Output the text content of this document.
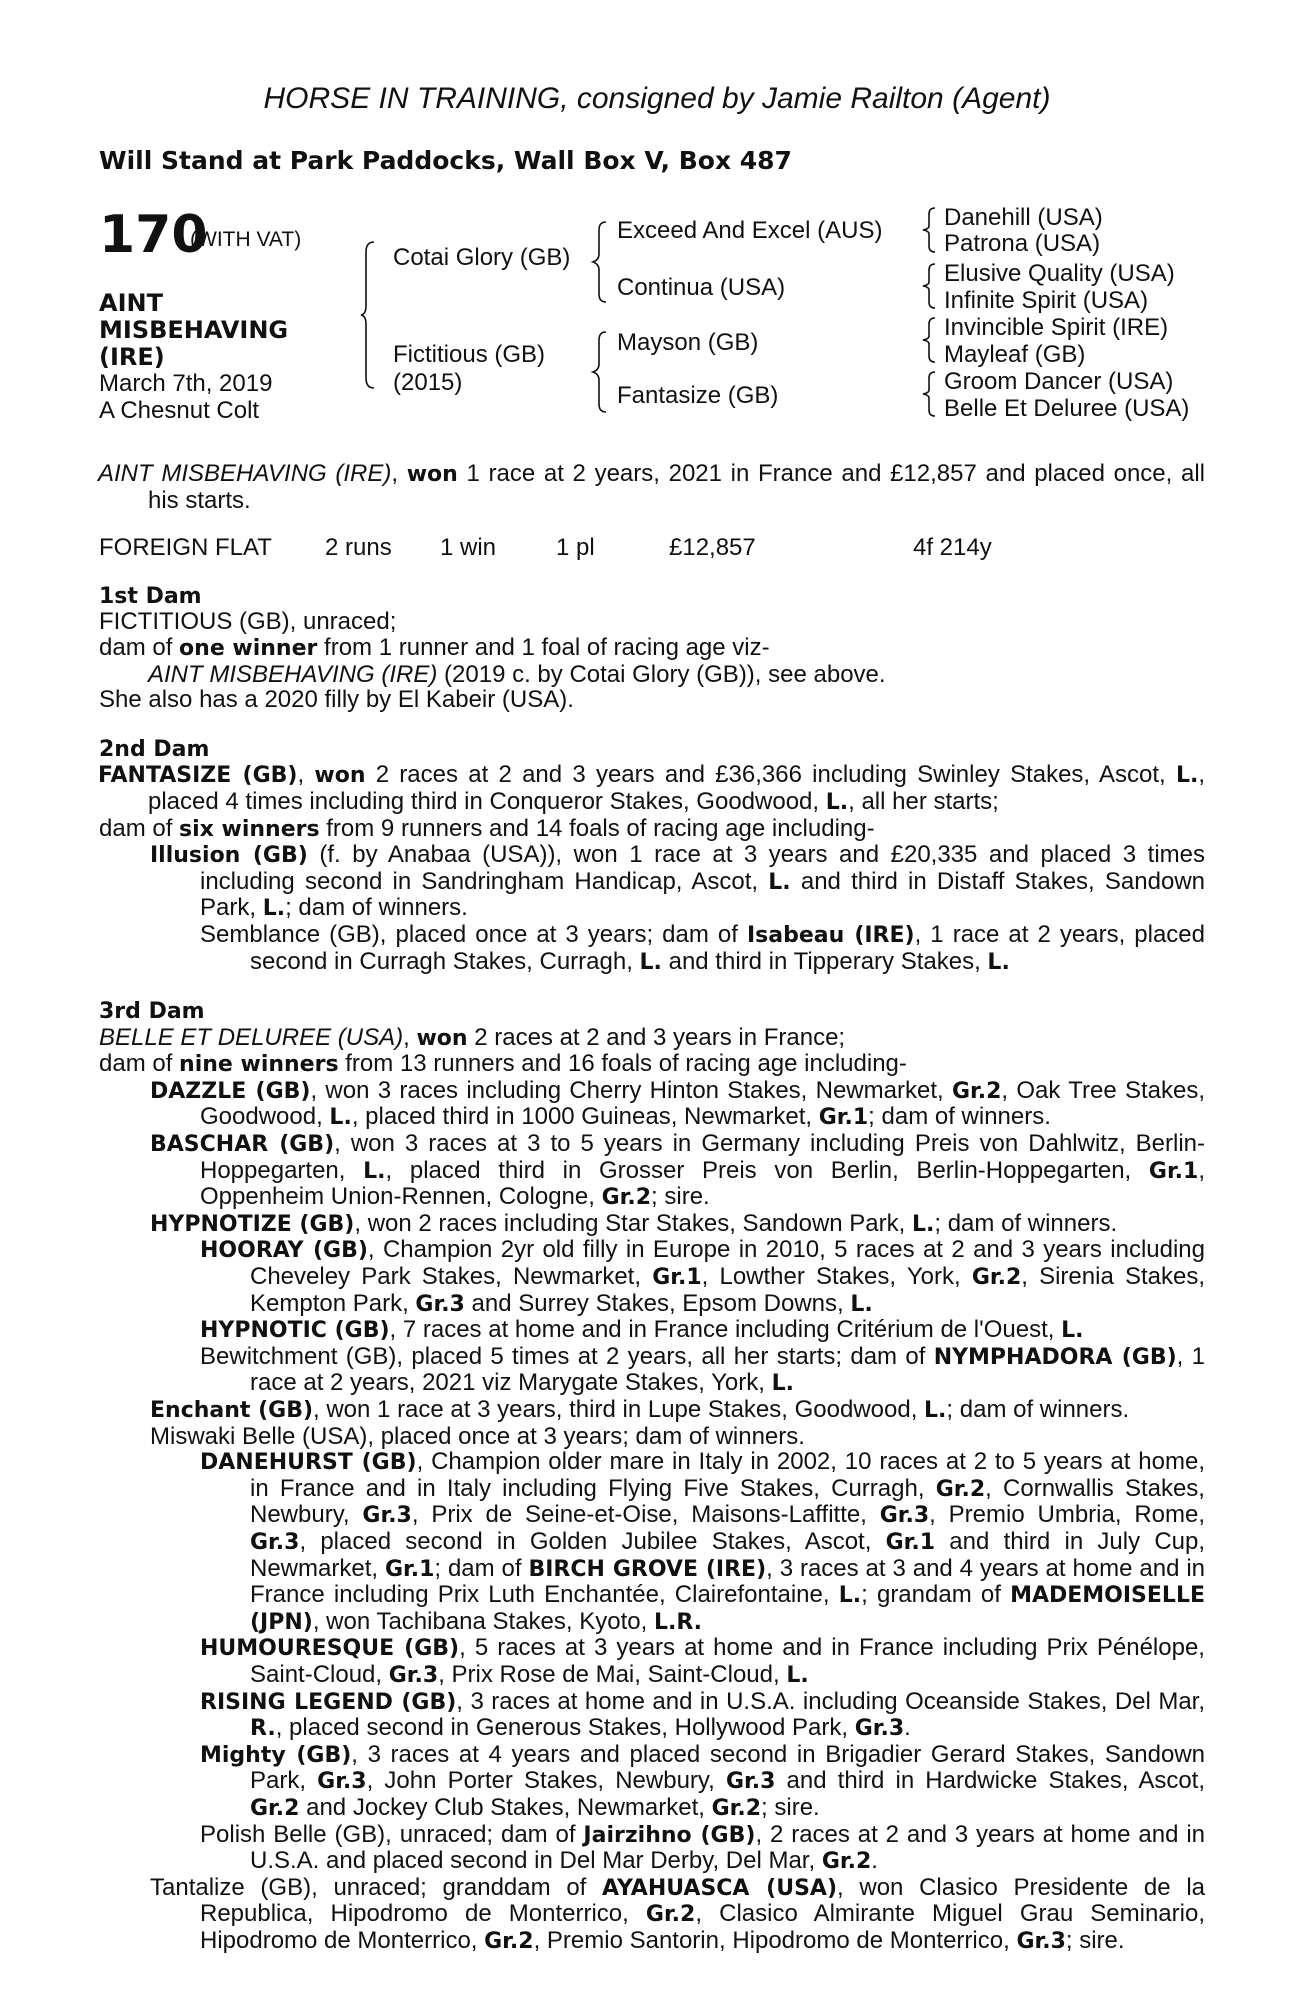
HORSE IN TRAINING, consigned by Jamie Railton (Agent)
Will Stand at Park Paddocks, Wall Box V, Box 487
170
(WITH VAT)
AINT
MISBEHAVING
(IRE)
March 7th, 2019
A Chesnut Colt
Cotai Glory (GB)
Fictitious (GB)
(2015)
Exceed And Excel (AUS)
Continua (USA)
Mayson (GB)
Fantasize (GB)
Danehill (USA)
Patrona (USA)
Elusive Quality (USA)
Infinite Spirit (USA)
Invincible Spirit (IRE)
Mayleaf (GB)
Groom Dancer (USA)
Belle Et Deluree (USA)

AINT MISBEHAVING (IRE), won 1 race at 2 years, 2021 in France and £12,857 and placed once, all his starts.

FOREIGN FLAT	2 runs	1 win	1 pl	£12,857	4f 214y
1st Dam

FICTITIOUS (GB), unraced;

dam of one winner from 1 runner and 1 foal of racing age viz-

AINT MISBEHAVING (IRE) (2019 c. by Cotai Glory (GB)), see above.

She also has a 2020 filly by El Kabeir (USA).

2nd Dam

FANTASIZE (GB), won 2 races at 2 and 3 years and £36,366 including Swinley Stakes, Ascot, L., placed 4 times including third in Conqueror Stakes, Goodwood, L., all her starts;

dam of six winners from 9 runners and 14 foals of racing age including-

Illusion (GB) (f. by Anabaa (USA)), won 1 race at 3 years and £20,335 and placed 3 times including second in Sandringham Handicap, Ascot, L. and third in Distaff Stakes, Sandown Park, L.; dam of winners.

Semblance (GB), placed once at 3 years; dam of Isabeau (IRE), 1 race at 2 years, placed second in Curragh Stakes, Curragh, L. and third in Tipperary Stakes, L.

3rd Dam

BELLE ET DELUREE (USA), won 2 races at 2 and 3 years in France;

dam of nine winners from 13 runners and 16 foals of racing age including-

DAZZLE (GB), won 3 races including Cherry Hinton Stakes, Newmarket, Gr.2, Oak Tree Stakes, Goodwood, L., placed third in 1000 Guineas, Newmarket, Gr.1; dam of winners.

BASCHAR (GB), won 3 races at 3 to 5 years in Germany including Preis von Dahlwitz, Berlin-Hoppegarten, L., placed third in Grosser Preis von Berlin, Berlin-Hoppegarten, Gr.1, Oppenheim Union-Rennen, Cologne, Gr.2; sire.

HYPNOTIZE (GB), won 2 races including Star Stakes, Sandown Park, L.; dam of winners.

HOORAY (GB), Champion 2yr old filly in Europe in 2010, 5 races at 2 and 3 years including Cheveley Park Stakes, Newmarket, Gr.1, Lowther Stakes, York, Gr.2, Sirenia Stakes, Kempton Park, Gr.3 and Surrey Stakes, Epsom Downs, L.

HYPNOTIC (GB), 7 races at home and in France including Critérium de l'Ouest, L.

Bewitchment (GB), placed 5 times at 2 years, all her starts; dam of NYMPHADORA (GB), 1 race at 2 years, 2021 viz Marygate Stakes, York, L.

Enchant (GB), won 1 race at 3 years, third in Lupe Stakes, Goodwood, L.; dam of winners.

Miswaki Belle (USA), placed once at 3 years; dam of winners.

DANEHURST (GB), Champion older mare in Italy in 2002, 10 races at 2 to 5 years at home, in France and in Italy including Flying Five Stakes, Curragh, Gr.2, Cornwallis Stakes, Newbury, Gr.3, Prix de Seine-et-Oise, Maisons-Laffitte, Gr.3, Premio Umbria, Rome, Gr.3, placed second in Golden Jubilee Stakes, Ascot, Gr.1 and third in July Cup, Newmarket, Gr.1; dam of BIRCH GROVE (IRE), 3 races at 3 and 4 years at home and in France including Prix Luth Enchantée, Clairefontaine, L.; grandam of MADEMOISELLE (JPN), won Tachibana Stakes, Kyoto, L.R.

HUMOURESQUE (GB), 5 races at 3 years at home and in France including Prix Pénélope, Saint-Cloud, Gr.3, Prix Rose de Mai, Saint-Cloud, L.

RISING LEGEND (GB), 3 races at home and in U.S.A. including Oceanside Stakes, Del Mar, R., placed second in Generous Stakes, Hollywood Park, Gr.3.

Mighty (GB), 3 races at 4 years and placed second in Brigadier Gerard Stakes, Sandown Park, Gr.3, John Porter Stakes, Newbury, Gr.3 and third in Hardwicke Stakes, Ascot, Gr.2 and Jockey Club Stakes, Newmarket, Gr.2; sire.

Polish Belle (GB), unraced; dam of Jairzihno (GB), 2 races at 2 and 3 years at home and in U.S.A. and placed second in Del Mar Derby, Del Mar, Gr.2.

Tantalize (GB), unraced; granddam of AYAHUASCA (USA), won Clasico Presidente de la Republica, Hipodromo de Monterrico, Gr.2, Clasico Almirante Miguel Grau Seminario, Hipodromo de Monterrico, Gr.2, Premio Santorin, Hipodromo de Monterrico, Gr.3; sire.
